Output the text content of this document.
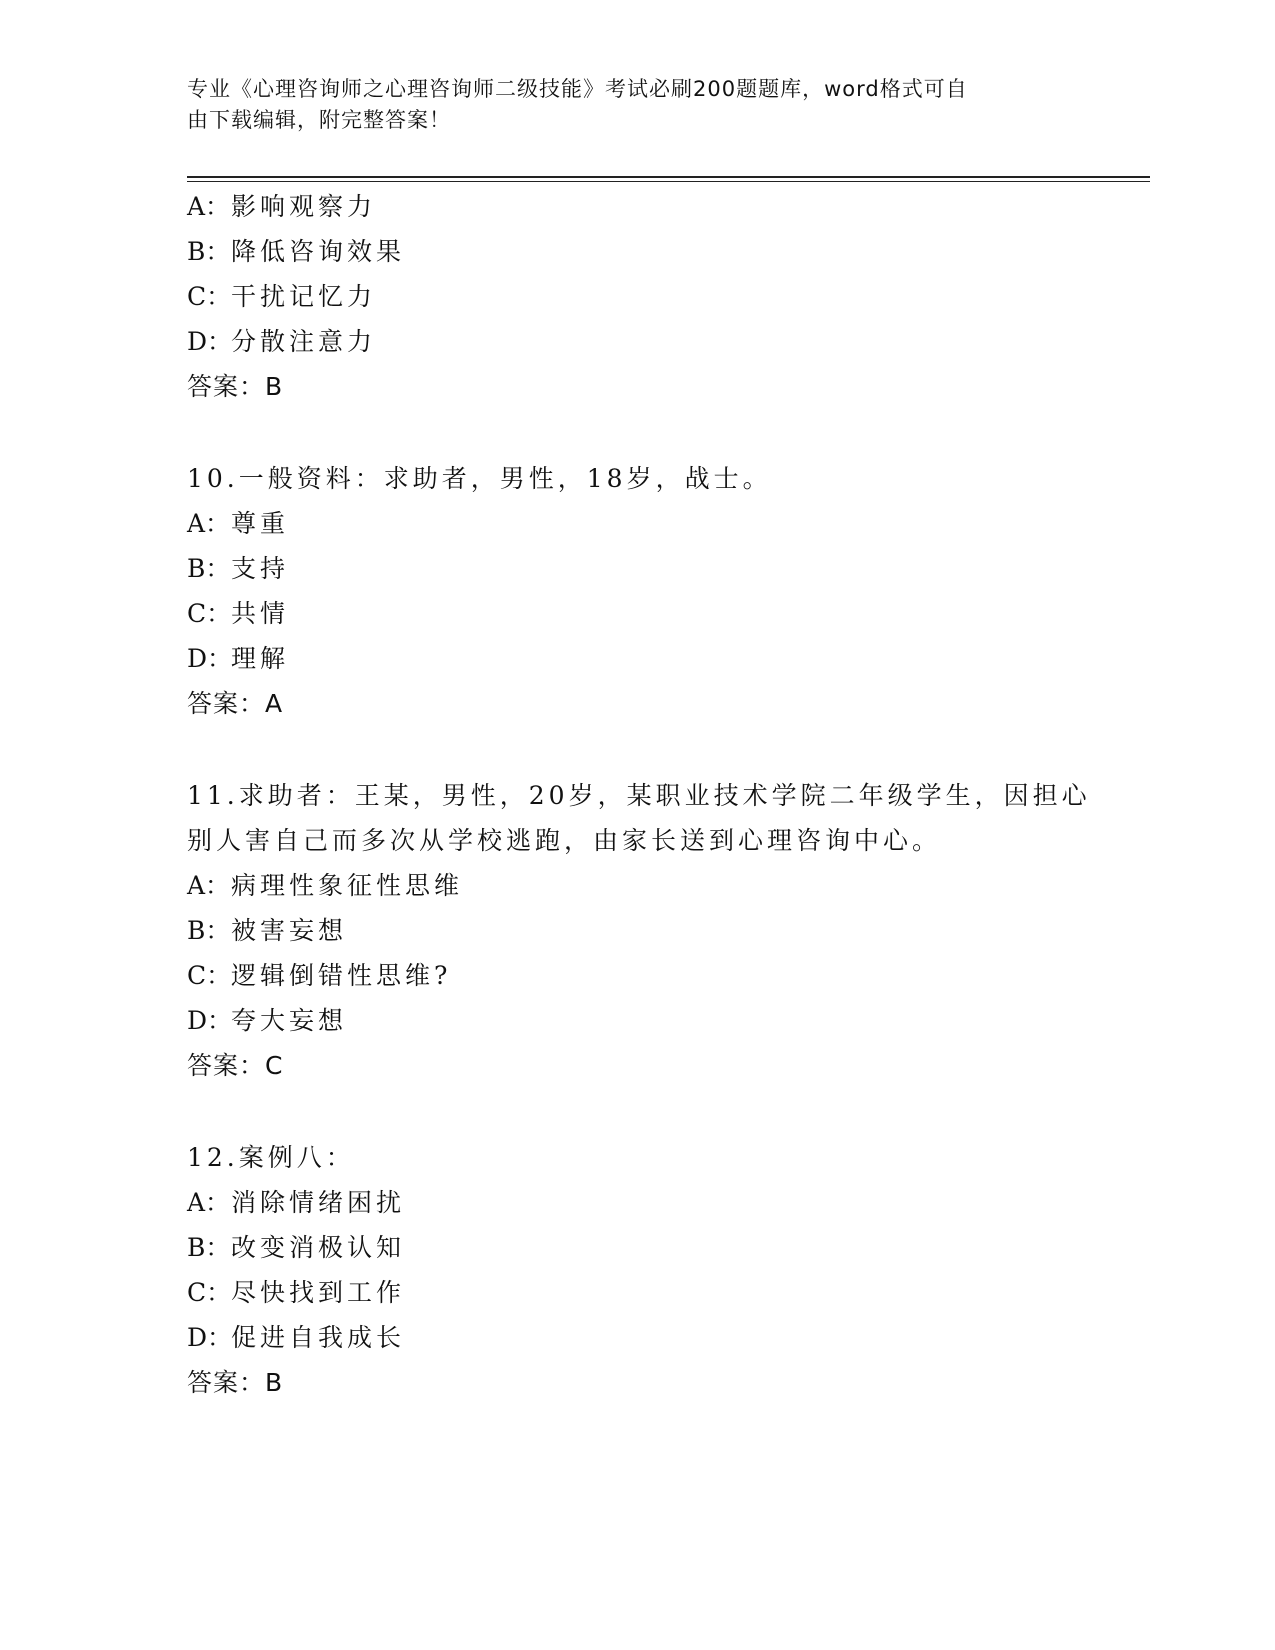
专业《心理咨询师之心理咨询师二级技能》考试必刷200题题库，word格式可自
由下载编辑，附完整答案！
A：影响观察力
B：降低咨询效果
C：干扰记忆力
D：分散注意力
答案：B
10.一般资料：求助者，男性，18岁，战士。
A：尊重
B：支持
C：共情
D：理解
答案：A
11.求助者：王某，男性，20岁，某职业技术学院二年级学生，因担心
别人害自己而多次从学校逃跑，由家长送到心理咨询中心。
A：病理性象征性思维
B：被害妄想
C：逻辑倒错性思维?
D：夸大妄想
答案：C
12.案例八：
A：消除情绪困扰
B：改变消极认知
C：尽快找到工作
D：促进自我成长
答案：B
